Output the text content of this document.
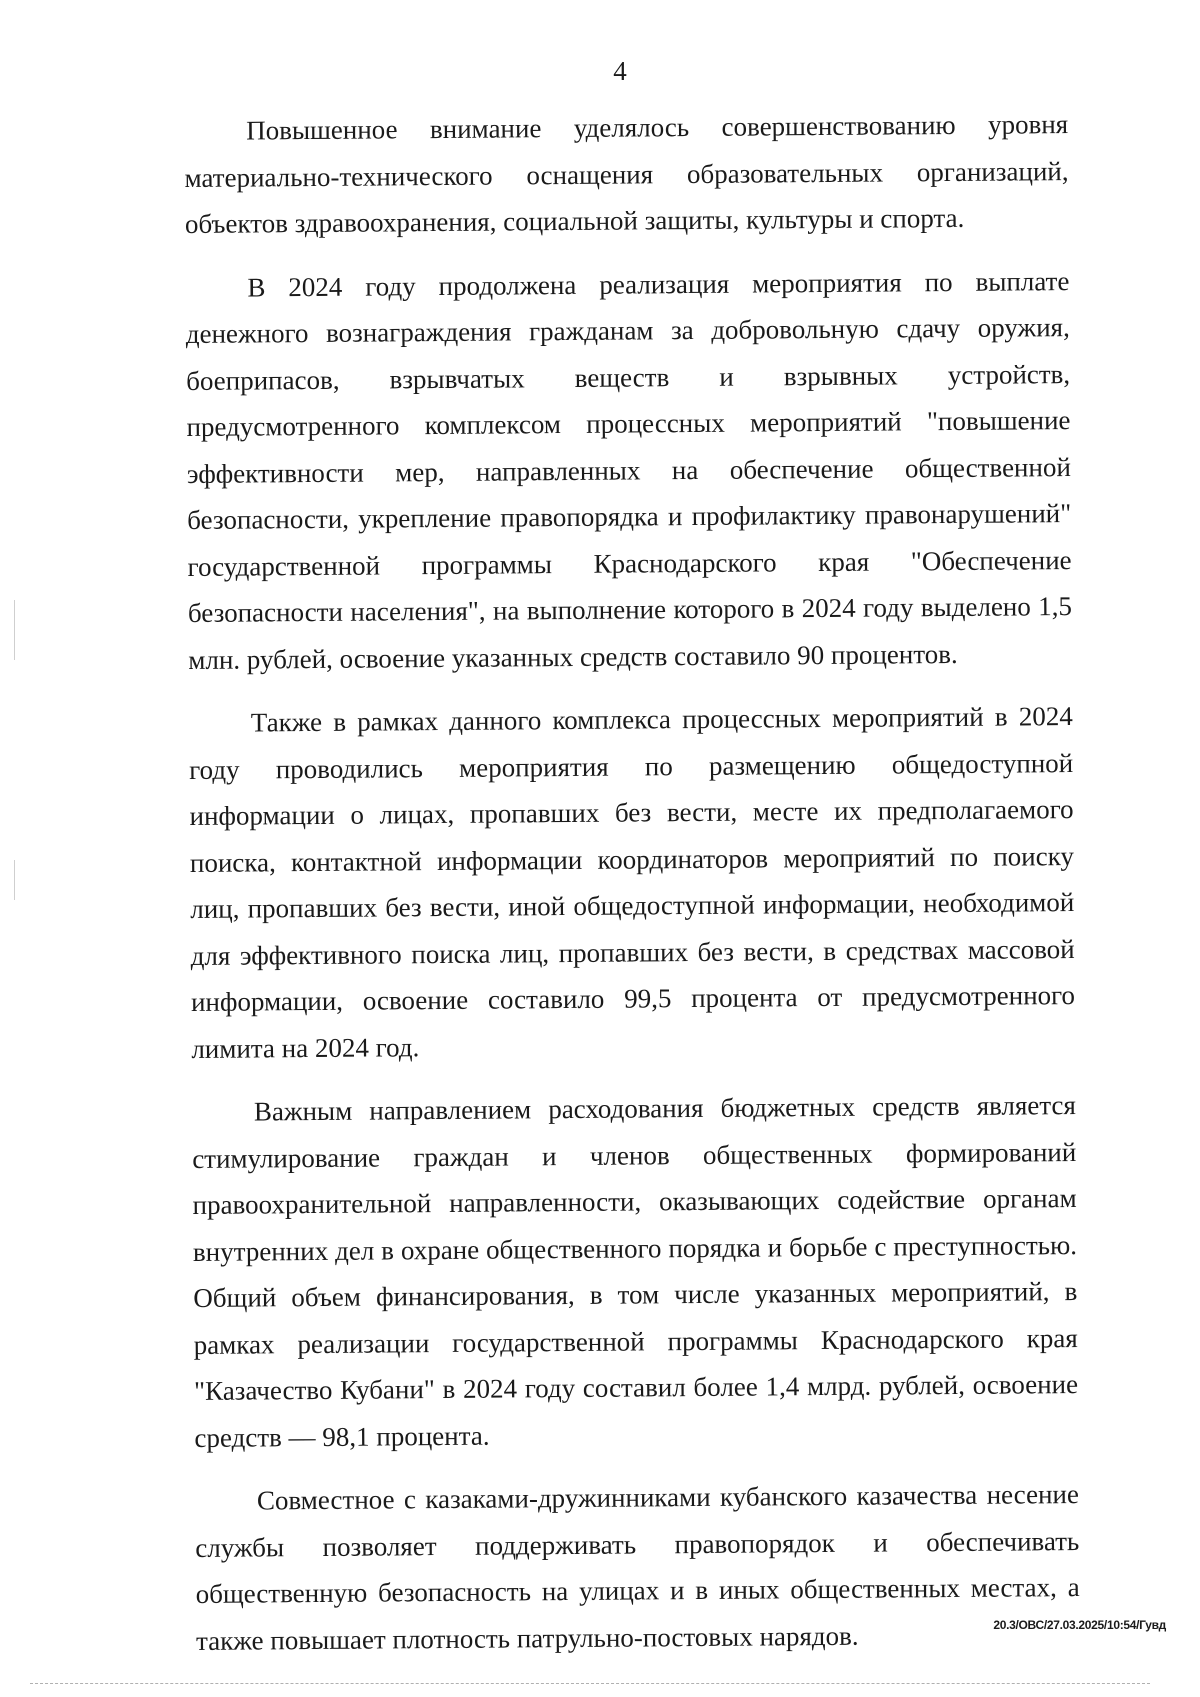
4

Повышенное внимание уделялось совершенствованию уровня материально-технического оснащения образовательных организаций, объектов здравоохранения, социальной защиты, культуры и спорта.

В 2024 году продолжена реализация мероприятия по выплате денежного вознаграждения гражданам за добровольную сдачу оружия, боеприпасов, взрывчатых веществ и взрывных устройств, предусмотренного комплексом процессных мероприятий "повышение эффективности мер, направленных на обеспечение общественной безопасности, укрепление правопорядка и профилактику правонарушений" государственной программы Краснодарского края "Обеспечение безопасности населения", на выполнение которого в 2024 году выделено 1,5 млн. рублей, освоение указанных средств составило 90 процентов.

Также в рамках данного комплекса процессных мероприятий в 2024 году проводились мероприятия по размещению общедоступной информации о лицах, пропавших без вести, месте их предполагаемого поиска, контактной информации координаторов мероприятий по поиску лиц, пропавших без вести, иной общедоступной информации, необходимой для эффективного поиска лиц, пропавших без вести, в средствах массовой информации, освоение составило 99,5 процента от предусмотренного лимита на 2024 год.

Важным направлением расходования бюджетных средств является стимулирование граждан и членов общественных формирований правоохранительной направленности, оказывающих содействие органам внутренних дел в охране общественного порядка и борьбе с преступностью. Общий объем финансирования, в том числе указанных мероприятий, в рамках реализации государственной программы Краснодарского края "Казачество Кубани" в 2024 году составил более 1,4 млрд. рублей, освоение средств — 98,1 процента.

Совместное с казаками-дружинниками кубанского казачества несение службы позволяет поддерживать правопорядок и обеспечивать общественную безопасность на улицах и в иных общественных местах, а также повышает плотность патрульно-постовых нарядов.	20.3/ОВС/27.03.2025/10:54/Гувд
